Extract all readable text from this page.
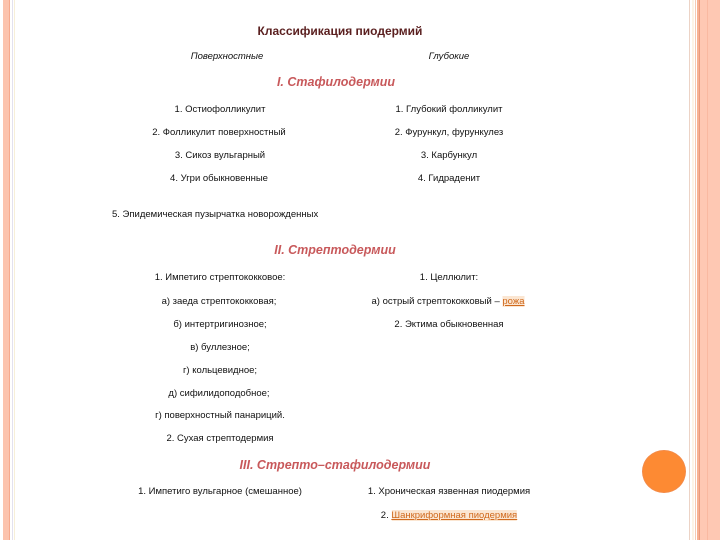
Классификация пиодермий
Поверхностные	Глубокие
I. Стафилодермии
1. Остиофолликулит
2. Фолликулит поверхностный
3. Сикоз вульгарный
4. Угри обыкновенные
1. Глубокий фолликулит
2. Фурункул, фурункулез
3. Карбункул
4. Гидраденит
5. Эпидемическая пузырчатка новорожденных
II. Стрептодермии
1. Импетиго стрептококковое:
а) заеда стрептококковая;
б) интертригинозное;
в) буллезное;
г) кольцевидное;
д) сифилидоподобное;
г) поверхностный панариций.
2. Сухая стрептодермия
1. Целлюлит:
а) острый стрептококковый – рожа
2. Эктима обыкновенная
III. Стрепто–стафилодермии
1. Импетиго вульгарное (смешанное)	1. Хроническая язвенная пиодермия
2. Шанкриформная пиодермия
